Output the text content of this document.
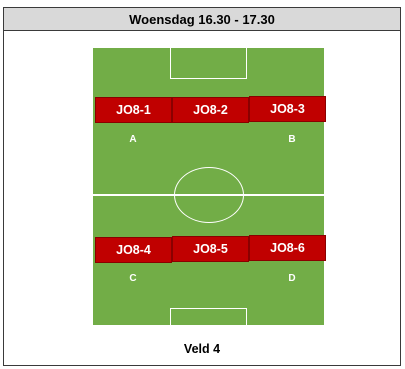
Woensdag 16.30 - 17.30
JO8-1	JO8-2	JO8-3
A	B
JO8-4	JO8-5	JO8-6
C	D
Veld 4
